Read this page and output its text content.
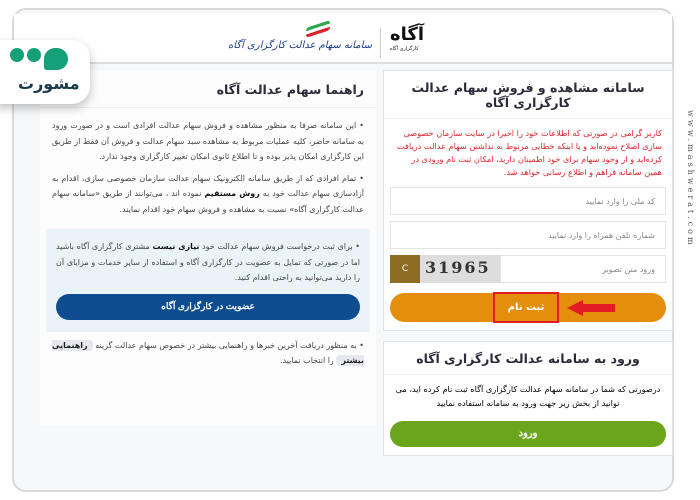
آگاه
کارگزاری آگاه
سامانه سهام عدالت کارگزاری آگاه
سامانه مشاهده و فروش سهام عدالت کارگزاری آگاه

کاربر گرامی در صورتی که اطلاعات خود را اخیرا در سایت سازمان خصوصی سازی اصلاح نموده‌اید و یا اینکه خطایی مربوط به نداشتن سهام عدالت دریافت کرده‌اید و از وجود سهام برای خود اطمینان دارید، امکان ثبت نام ورودی در همین سامانه فراهم و اطلاع رسانی خواهد شد.

کد ملی را وارد نمایید
شماره تلفن همراه را وارد نمایید
ورود متن تصویر
C	31965
ثبت نام
ورود به سامانه عدالت کارگزاری آگاه

درصورتی که شما در سامانه سهام عدالت کارگزاری آگاه ثبت نام کرده اید، می توانید از بخش زیر جهت ورود به سامانه استفاده نمایید

ورود
راهنما سهام عدالت آگاه

• این سامانه صرفا به منظور مشاهده و فروش سهام عدالت افرادی است و در صورت ورود به سامانه حاضر، کلیه عملیات مربوط به مشاهده سبد سهام عدالت و فروش آن فقط از طریق این کارگزاری امکان پذیر بوده و تا اطلاع ثانوی امکان تغییر کارگزاری وجود ندارد.

• تمام افرادی که از طریق سامانه الکترونیک سهام عدالت سازمان خصوصی سازی، اقدام به آزادسازی سهام عدالت خود به روش مستقیم نموده اند ، می‌توانند از طریق «سامانه سهام عدالت کارگزاری آگاه» نسبت به مشاهده و فروش سهام خود اقدام نمایند.

• برای ثبت درخواست فروش سهام عدالت خود نیازی نیست مشتری کارگزاری آگاه باشید اما در صورتی که تمایل به عضویت در کارگزاری آگاه و استفاده از سایر خدمات و مزایای آن را دارید می‌توانید به راحتی اقدام کنید.

عضویت در کارگزاری آگاه

• به منظور دریافت آخرین خبرها و راهنمایی بیشتر در خصوص سهام عدالت گزینه راهنمایی بیشتر را انتخاب نمایید.

www.mashwerat.com
مشورت
